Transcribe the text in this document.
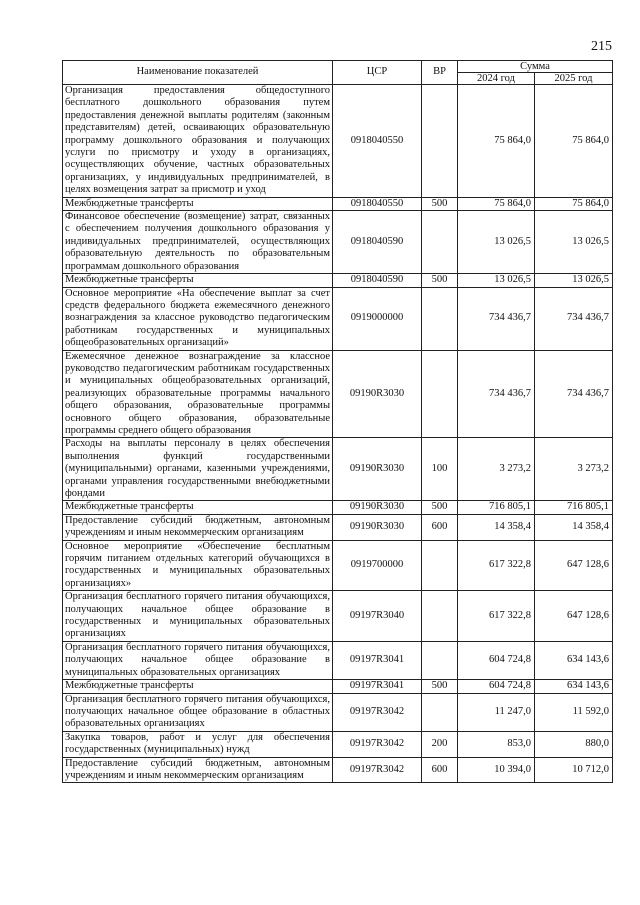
215
Наименование показателей	ЦСР	ВР	Сумма	
			2024 год	2025 год
Организация предоставления общедоступного бесплатного дошкольного образования путем предоставления денежной выплаты родителям (законным представителям) детей, осваивающих образовательную программу дошкольного образования и получающих услуги по присмотру и уходу в организациях, осуществляющих обучение, частных образовательных организациях, у индивидуальных предпринимателей, в целях возмещения затрат за присмотр и уход	0918040550		75 864,0	75 864,0
Межбюджетные трансферты	0918040550	500	75 864,0	75 864,0
Финансовое обеспечение (возмещение) затрат, связанных с обеспечением получения дошкольного образования у индивидуальных предпринимателей, осуществляющих образовательную деятельность по образовательным программам дошкольного образования	0918040590		13 026,5	13 026,5
Межбюджетные трансферты	0918040590	500	13 026,5	13 026,5
Основное мероприятие «На обеспечение выплат за счет средств федерального бюджета ежемесячного денежного вознаграждения за классное руководство педагогическим работникам государственных и муниципальных общеобразовательных организаций»	0919000000		734 436,7	734 436,7
Ежемесячное денежное вознаграждение за классное руководство педагогическим работникам государственных и муниципальных общеобразовательных организаций, реализующих образовательные программы начального общего образования, образовательные программы основного общего образования, образовательные программы среднего общего образования	09190R3030		734 436,7	734 436,7
Расходы на выплаты персоналу в целях обеспечения выполнения функций государственными (муниципальными) органами, казенными учреждениями, органами управления государственными внебюджетными фондами	09190R3030	100	3 273,2	3 273,2
Межбюджетные трансферты	09190R3030	500	716 805,1	716 805,1
Предоставление субсидий бюджетным, автономным учреждениям и иным некоммерческим организациям	09190R3030	600	14 358,4	14 358,4
Основное мероприятие «Обеспечение бесплатным горячим питанием отдельных категорий обучающихся в государственных и муниципальных образовательных организациях»	0919700000		617 322,8	647 128,6
Организация бесплатного горячего питания обучающихся, получающих начальное общее образование в государственных и муниципальных образовательных организациях	09197R3040		617 322,8	647 128,6
Организация бесплатного горячего питания обучающихся, получающих начальное общее образование в муниципальных образовательных организациях	09197R3041		604 724,8	634 143,6
Межбюджетные трансферты	09197R3041	500	604 724,8	634 143,6
Организация бесплатного горячего питания обучающихся, получающих начальное общее образование в областных образовательных организациях	09197R3042		11 247,0	11 592,0
Закупка товаров, работ и услуг для обеспечения государственных (муниципальных) нужд	09197R3042	200	853,0	880,0
Предоставление субсидий бюджетным, автономным учреждениям и иным некоммерческим организациям	09197R3042	600	10 394,0	10 712,0
